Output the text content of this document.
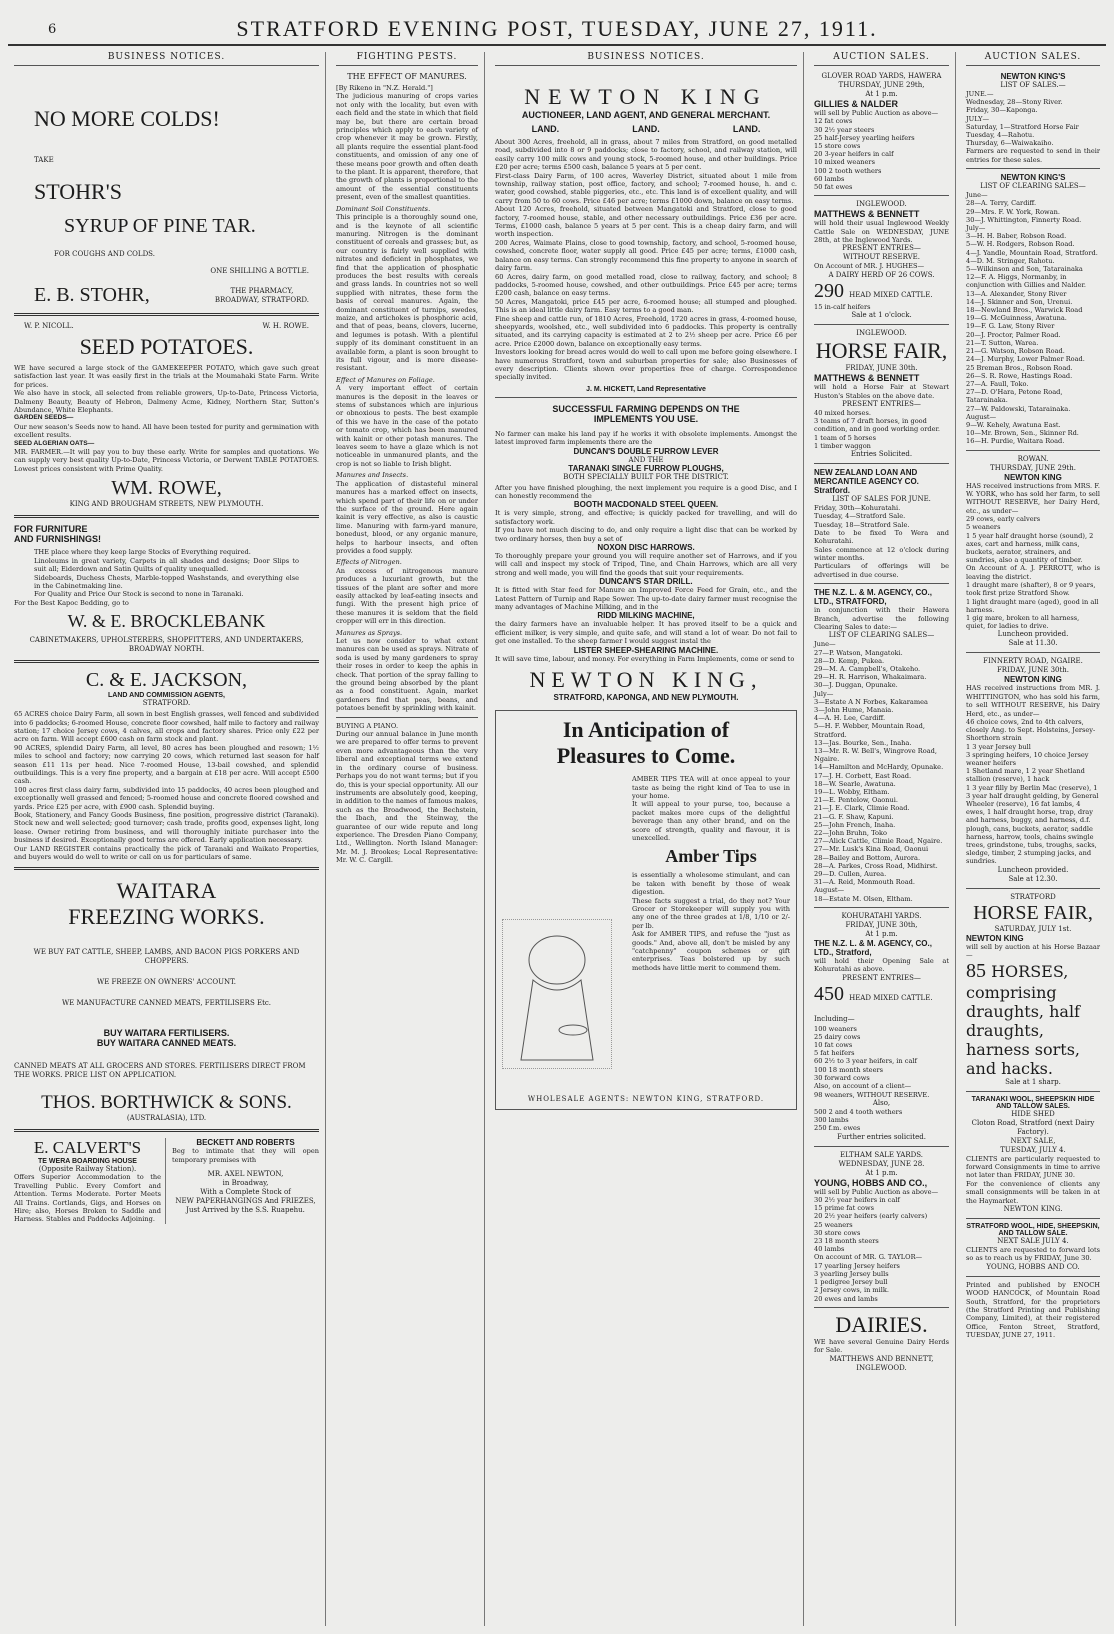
6	STRATFORD EVENING POST, TUESDAY, JUNE 27, 1911.
BUSINESS NOTICES.
NO MORE COLDS!
TAKE
STOHR'S
SYRUP OF PINE TAR.
FOR COUGHS AND COLDS.
ONE SHILLING A BOTTLE.
E. B. STOHR,	THE PHARMACY,
BROADWAY, STRATFORD.
W. P. NICOLL.	W. H. ROWE.
SEED POTATOES.

WE have secured a large stock of the GAMEKEEPER POTATO, which gave such great satisfaction last year. It was easily first in the trials at the Moumahaki State Farm. Write for prices.

We also have in stock, all selected from reliable growers, Up-to-Date, Princess Victoria, Dalmeny Beauty, Beauty of Hebron, Dalmeny Acme, Kidney, Northern Star, Sutton's Abundance, White Elephants.

GARDEN SEEDS—

Our new season's Seeds now to hand. All have been tested for purity and germination with excellent results.

SEED ALGERIAN OATS—

MR. FARMER.—It will pay you to buy these early. Write for samples and quotations. We can supply very best quality Up-to-Date, Princess Victoria, or Derwent TABLE POTATOES. Lowest prices consistent with Prime Quality.

WM. ROWE,
KING AND BROUGHAM STREETS, NEW PLYMOUTH.
FOR FURNITURE
AND FURNISHINGS!

THE place where they keep large Stocks of Everything required.

Linoleums in great variety, Carpets in all shades and designs; Door Slips to suit all; Eiderdown and Satin Quilts of quality unequalled.

Sideboards, Duchess Chests, Marble-topped Washstands, and everything else in the Cabinetmaking line.

For Quality and Price Our Stock is second to none in Taranaki.

For the Best Kapoc Bedding, go to

W. & E. BROCKLEBANK
CABINETMAKERS, UPHOLSTERERS, SHOPFITTERS, AND UNDERTAKERS,
BROADWAY NORTH.
C. & E. JACKSON,
LAND AND COMMISSION AGENTS,
STRATFORD.

65 ACRES choice Dairy Farm, all sown in best English grasses, well fenced and subdivided into 6 paddocks; 6-roomed House, concrete floor cowshed, half mile to factory and railway station; 17 choice Jersey cows, 4 calves, all crops and factory shares. Price only £22 per acre on farm. Will accept £600 cash on farm stock and plant.

90 ACRES, splendid Dairy Farm, all level, 80 acres has been ploughed and resown; 1½ miles to school and factory; now carrying 20 cows, which returned last season for half season £11 11s per head. Nice 7-roomed House, 13-bail cowshed, and splendid outbuildings. This is a very fine property, and a bargain at £18 per acre. Will accept £500 cash.

100 acres first class dairy farm, subdivided into 15 paddocks, 40 acres been ploughed and exceptionally well grassed and fenced; 5-roomed house and concrete floored cowshed and yards. Price £25 per acre, with £900 cash. Splendid buying.

Book, Stationery, and Fancy Goods Business, fine position, progressive district (Taranaki). Stock new and well selected; good turnover; cash trade, profits good, expenses light, long lease. Owner retiring from business, and will thoroughly initiate purchaser into the business if desired. Exceptionally good terms are offered. Early application necessary.

Our LAND REGISTER contains practically the pick of Taranaki and Waikato Properties, and buyers would do well to write or call on us for particulars of same.

WAITARA
FREEZING WORKS.

WE BUY FAT CATTLE, SHEEP, LAMBS, AND BACON PIGS PORKERS AND CHOPPERS.

WE FREEZE ON OWNERS' ACCOUNT.

WE MANUFACTURE CANNED MEATS, FERTILISERS Etc.

BUY WAITARA FERTILISERS.

BUY WAITARA CANNED MEATS.

CANNED MEATS AT ALL GROCERS AND STORES. FERTILISERS DIRECT FROM THE WORKS. PRICE LIST ON APPLICATION.

THOS. BORTHWICK & SONS.
(AUSTRALASIA), LTD.
E. CALVERT'S
TE WERA BOARDING HOUSE
(Opposite Railway Station).

Offers Superior Accommodation to the Travelling Public. Every Comfort and Attention. Terms Moderate. Porter Meets All Trains. Cortlands, Gigs, and Horses on Hire; also, Horses Broken to Saddle and Harness. Stables and Paddocks Adjoining.

BECKETT AND ROBERTS

Beg to intimate that they will open temporary premises with

MR. AXEL NEWTON,

in Broadway,

With a Complete Stock of

NEW PAPERHANGINGS And FRIEZES,

Just Arrived by the S.S. Ruapehu.

FIGHTING PESTS.
THE EFFECT OF MANURES.

[By Rikeno in "N.Z. Herald."]

The judicious manuring of crops varies not only with the locality, but even with each field and the state in which that field may be, but there are certain broad principles which apply to each variety of crop whenever it may be grown. Firstly, all plants require the essential plant-food constituents, and omission of any one of these means poor growth and often death to the plant. It is apparent, therefore, that the growth of plants is proportional to the amount of the essential constituents present, even of the smallest quantities.

Dominant Soil Constituents.

This principle is a thoroughly sound one, and is the keynote of all scientific manuring. Nitrogen is the dominant constituent of cereals and grasses; but, as our country is fairly well supplied with nitrates and deficient in phosphates, we find that the application of phosphatic produces the best results with cereals and grass lands. In countries not so well supplied with nitrates, these form the basis of cereal manures. Again, the dominant constituent of turnips, swedes, maize, and artichokes is phosphoric acid, and that of peas, beans, clovers, lucerne, and legumes is potash. With a plentiful supply of its dominant constituent in an available form, a plant is soon brought to its full vigour, and is more disease-resistant.

Effect of Manures on Foliage.

A very important effect of certain manures is the deposit in the leaves or stems of substances which are injurious or obnoxious to pests. The best example of this we have in the case of the potato or tomato crop, which has been manured with kainit or other potash manures. The leaves seem to have a glaze which is not noticeable in unmanured plants, and the crop is not so liable to Irish blight.

Manures and Insects.

The application of distasteful mineral manures has a marked effect on insects, which spend part of their life on or under the surface of the ground. Here again kainit is very effective, as also is caustic lime. Manuring with farm-yard manure, bonedust, blood, or any organic manure, helps to harbour insects, and often provides a food supply.

Effects of Nitrogen.

An excess of nitrogenous manure produces a luxuriant growth, but the tissues of the plant are softer and more easily attacked by leaf-eating insects and fungi. With the present high price of these manures it is seldom that the field cropper will err in this direction.

Manures as Sprays.

Let us now consider to what extent manures can be used as sprays. Nitrate of soda is used by many gardeners to spray their roses in order to keep the aphis in check. That portion of the spray falling to the ground being absorbed by the plant as a food constituent. Again, market gardeners find that peas, beans, and potatoes benefit by sprinkling with kainit.

BUYING A PIANO.

During our annual balance in June month we are prepared to offer terms to prevent even more advantageous than the very liberal and exceptional terms we extend in the ordinary course of business. Perhaps you do not want terms; but if you do, this is your special opportunity. All our instruments are absolutely good, keeping, in addition to the names of famous makes, such as the Broadwood, the Bechstein, the Ibach, and the Steinway, the guarantee of our wide repute and long experience. The Dresden Piano Company, Ltd., Wellington. North Island Manager: Mr. M. J. Brookes; Local Representative: Mr. W. C. Cargill.

BUSINESS NOTICES.
NEWTON KING
AUCTIONEER, LAND AGENT, AND GENERAL MERCHANT.
LAND.	LAND.	LAND.

About 300 Acres, freehold, all in grass, about 7 miles from Stratford, on good metalled road, subdivided into 8 or 9 paddocks; close to factory, school, and railway station, will easily carry 100 milk cows and young stock, 5-roomed house, and other buildings. Price £20 per acre; terms £500 cash, balance 5 years at 5 per cent.

First-class Dairy Farm, of 100 acres, Waverley District, situated about 1 mile from township, railway station, post office, factory, and school; 7-roomed house, h. and c. water, good cowshed, stable piggeries, etc., etc. This land is of excellent quality, and will carry from 50 to 60 cows. Price £46 per acre; terms £1000 down, balance on easy terms.

About 120 Acres, freehold, situated between Mangatoki and Stratford, close to good factory, 7-roomed house, stable, and other necessary outbuildings. Price £36 per acre. Terms, £1000 cash, balance 5 years at 5 per cent. This is a cheap dairy farm, and will worth inspection.

200 Acres, Waimate Plains, close to good township, factory, and school, 5-roomed house, cowshed, concrete floor, water supply all good. Price £45 per acre; terms, £1000 cash, balance on easy terms. Can strongly recommend this fine property to anyone in search of dairy farm.

60 Acres, dairy farm, on good metalled road, close to railway, factory, and school; 8 paddocks, 5-roomed house, cowshed, and other outbuildings. Price £45 per acre; terms £200 cash, balance on easy terms.

50 Acres, Mangatoki, price £45 per acre, 6-roomed house; all stumped and ploughed. This is an ideal little dairy farm. Easy terms to a good man.

Fine sheep and cattle run, of 1810 Acres, Freehold, 1720 acres in grass, 4-roomed house, sheepyards, woolshed, etc., well subdivided into 6 paddocks. This property is centrally situated, and its carrying capacity is estimated at 2 to 2½ sheep per acre. Price £6 per acre. Price £2000 down, balance on exceptionally easy terms.

Investors looking for bread acres would do well to call upon me before going elsewhere. I have numerous Stratford, town and suburban properties for sale; also Businesses of every description. Clients shown over properties free of charge. Correspondence specially invited.

J. M. HICKETT, Land Representative
SUCCESSFUL FARMING DEPENDS ON THE IMPLEMENTS YOU USE.

No farmer can make his land pay if he works it with obsolete implements. Amongst the latest improved farm implements there are the

DUNCAN'S DOUBLE FURROW LEVER
AND THE
TARANAKI SINGLE FURROW PLOUGHS,
BOTH SPECIALLY BUILT FOR THE DISTRICT.

After you have finished ploughing, the next implement you require is a good Disc, and I can honestly recommend the

BOOTH MACDONALD STEEL QUEEN.

It is very simple, strong, and effective; is quickly packed for travelling, and will do satisfactory work.

If you have not much discing to do, and only require a light disc that can be worked by two ordinary horses, then buy a set of

NOXON DISC HARROWS.

To thoroughly prepare your ground you will require another set of Harrows, and if you will call and inspect my stock of Tripod, Tine, and Chain Harrows, which are all very strong and well made, you will find the goods that suit your requirements.

DUNCAN'S STAR DRILL.

It is fitted with Star feed for Manure an Improved Force Feed for Grain, etc., and the Latest Pattern of Turnip and Rape Sower. The up-to-date dairy farmer must recognise the many advantages of Machine Milking, and in the

RIDD MILKING MACHINE,

the dairy farmers have an invaluable helper. It has proved itself to be a quick and efficient milker, is very simple, and quite safe, and will stand a lot of wear. Do not fail to get one installed. To the sheep farmer I would suggest instal the

LISTER SHEEP-SHEARING MACHINE.

It will save time, labour, and money. For everything in Farm Implements, come or send to

NEWTON KING,
STRATFORD, KAPONGA, AND NEW PLYMOUTH.
In Anticipation of
Pleasures to Come.

AMBER TIPS TEA will at once appeal to your taste as being the right kind of Tea to use in your home.

It will appeal to your purse, too, because a packet makes more cups of the delightful beverage than any other brand, and on the score of strength, quality and flavour, it is unexcelled.

Amber Tips

is essentially a wholesome stimulant, and can be taken with benefit by those of weak digestion.

These facts suggest a trial, do they not? Your Grocer or Storekeeper will supply you with any one of the three grades at 1/8, 1/10 or 2/- per lb.

Ask for AMBER TIPS, and refuse the "just as goods." And, above all, don't be misled by any "catchpenny" coupon schemes or gift enterprises. Teas bolstered up by such methods have little merit to commend them.

WHOLESALE AGENTS: NEWTON KING, STRATFORD.
AUCTION SALES.
GLOVER ROAD YARDS, HAWERA
THURSDAY, JUNE 29th,
At 1 p.m.
GILLIES & NALDER

will sell by Public Auction as above—

12 fat cows
30 2½ year steers
25 half-Jersey yearling heifers
15 store cows
20 3-year heifers in calf
10 mixed weaners
100 2 tooth wethers
60 lambs
50 fat ewes
INGLEWOOD.
MATTHEWS & BENNETT

will hold their usual Inglewood Weekly Cattle Sale on WEDNESDAY, JUNE 28th, at the Inglewood Yards.

PRESENT ENTRIES—
WITHOUT RESERVE.

On Account of MR. J. HUGHES—

A DAIRY HERD OF 26 COWS.
290 HEAD MIXED CATTLE.

15 in-calf heifers

Sale at 1 o'clock.
INGLEWOOD.
HORSE FAIR,
FRIDAY, JUNE 30th.
MATTHEWS & BENNETT

will hold a Horse Fair at Stewart Huston's Stables on the above date.

PRESENT ENTRIES—
40 mixed horses.
3 teams of 7 draft horses, in good condition, and in good working order.
1 team of 5 horses
1 timber waggon
Entries Solicited.
NEW ZEALAND LOAN AND MERCANTILE AGENCY CO. Stratford.
LIST OF SALES FOR JUNE.
Friday, 30th—Kohuratahi.
Tuesday, 4—Stratford Sale.
Tuesday, 18—Stratford Sale.

Date to be fixed To Wera and Kohuratahi.

Sales commence at 12 o'clock during winter months.

Particulars of offerings will be advertised in due course.

THE N.Z. L. & M. AGENCY, CO., LTD., STRATFORD,

in conjunction with their Hawera Branch, advertise the following Clearing Sales to date:—

LIST OF CLEARING SALES—
June—
27—P. Watson, Mangatoki.
28—D. Kemp, Pukea.
29—M. A. Campbell's, Otakeho.
29—H. R. Harrison, Whakaimara.
30—J. Duggan, Opunake.
July—
3—Estate A N Forbes, Kakaramea
3—John Hume, Manaia.
4—A. H. Lee, Cardiff.
5—H. F. Webber, Mountain Road, Stratford.
13—Jas. Bourke, Sen., Inaha.
13—Mr. R. W. Bell's, Wingrove Road, Ngaire.
14—Hamilton and McHardy, Opunake.
17—J. H. Corbett, East Road.
18—W. Searle, Awatuna.
19—L. Wobby, Eltham.
21—E. Pentelow, Oaonui.
21—J. E. Clark, Climie Road.
21—G. F. Shaw, Kapuni.
25—John French, Inaha.
22—John Bruhn, Toko
27—Alick Cattle, Climie Road, Ngaire.
27—Mr. Lusk's Kina Road, Oaonui
28—Bailey and Bottom, Aurora.
28—A. Parkes, Cross Road, Midhirst.
29—D. Cullen, Aurea.
31—A. Reid, Monmouth Road.
August—
18—Estate M. Olsen, Eltham.
KOHURATAHI YARDS.
FRIDAY, JUNE 30th,
At 1 p.m.
THE N.Z. L. & M. AGENCY, CO., LTD., Stratford,

will hold their Opening Sale at Kohuratahi as above.

PRESENT ENTRIES—
450 HEAD MIXED CATTLE. Including—
100 weaners
25 dairy cows
10 fat cows
5 fat heifers
60 2½ to 3 year heifers, in calf
100 18 month steers
30 forward cows

Also, on account of a client—

98 weaners, WITHOUT RESERVE.

Also,
500 2 and 4 tooth wethers
300 lambs
250 f.m. ewes
Further entries solicited.
ELTHAM SALE YARDS.
WEDNESDAY, JUNE 28.
At 1 p.m.
YOUNG, HOBBS AND CO.,

will sell by Public Auction as above—

30 2½ year heifers in calf
15 prime fat cows
20 2½ year heifers (early calvers)
25 weaners
30 store cows
23 18 month steers
40 lambs

On account of MR. G. TAYLOR—

17 yearling Jersey heifers
3 yearling Jersey bulls
1 pedigree Jersey bull
2 Jersey cows, in milk.
20 ewes and lambs
DAIRIES.

WE have several Genuine Dairy Herds for Sale.

MATTHEWS AND BENNETT,
INGLEWOOD.
AUCTION SALES.
NEWTON KING'S
LIST OF SALES.—
JUNE.—
Wednesday, 28—Stony River.
Friday, 30—Kaponga.
JULY—
Saturday, 1—Stratford Horse Fair
Tuesday, 4—Rahotu.
Thursday, 6—Waiwakaiho.

Farmers are requested to send in their entries for these sales.

NEWTON KING'S
LIST OF CLEARING SALES—
June—
28—A. Terry, Cardiff.
29—Mrs. F. W. York, Rowan.
30—J. Whittington, Finnerty Road.
July—
3—H. H. Baber, Robson Road.
5—W. H. Rodgers, Robson Road.
4—J. Yandle, Mountain Road, Stratford.
4—D. M. Stringer, Rahotu.
5—Wilkinson and Son, Tatarainaka
12—F. A. Higgs, Normanby, in conjunction with Gillies and Nalder.
13—A. Alexander, Stony River
14—J. Skinner and Son, Urenui.
18—Newland Bros., Warwick Road
19—G. McGuinness, Awatuna.
19—F. G. Law, Stony River
20—J. Proctor, Palmer Road.
21—T. Sutton, Warea.
21—G. Watson, Robson Road.
24—J. Murphy, Lower Palmer Road.
25 Breman Bros., Robson Road.
26—S. R. Rowe, Hastings Road.
27—A. Faull, Toko.
27—D. O'Hara, Petone Road, Tatarainaka.
27—W. Paldowski, Tatarainaka.
August—
9—W. Kehely, Awatuna East.
10—Mr. Brown, Sen., Skinner Rd.
16—H. Purdie, Waitara Road.
ROWAN.
THURSDAY, JUNE 29th.
NEWTON KING

HAS received instructions from MRS. F. W. YORK, who has sold her farm, to sell WITHOUT RESERVE, her Dairy Herd, etc., as under—

29 cows, early calvers
5 weaners
1 5 year half draught horse (sound), 2 axes, cart and harness, milk cans, buckets, aerator, strainers, and sundries, also a quantity of timber.

On Account of A. J. PERROTT, who is leaving the district.

1 draught mare (shafter), 8 or 9 years, took first prize Stratford Show.
1 light draught mare (aged), good in all harness.
1 gig mare, broken to all harness, quiet, for ladies to drive.
Luncheon provided.
Sale at 11.30.
FINNERTY ROAD, NGAIRE.
FRIDAY, JUNE 30th.
NEWTON KING

HAS received instructions from MR. J. WHITTINGTON, who has sold his farm, to sell WITHOUT RESERVE, his Dairy Herd, etc., as under—

46 choice cows, 2nd to 4th calvers, closely Ang. to Sept. Holsteins, Jersey-Shorthorn strain
1 3 year Jersey bull
3 springing heifers, 10 choice Jersey weaner heifers
1 Shetland mare, 1 2 year Shetland stallion (reserve), 1 hack
1 3 year filly by Berlin Mac (reserve), 1 3 year half draught gelding, by General Wheeler (reserve), 16 fat lambs, 4 ewes, 1 half draught horse, trap, dray and harness, buggy, and harness, d.f. plough, cans, buckets, aerator, saddle harness, harrow, tools, chains swingle trees, grindstone, tubs, troughs, sacks, sledge, timber, 2 stumping jacks, and sundries.
Luncheon provided.
Sale at 12.30.
STRATFORD
HORSE FAIR,
SATURDAY, JULY 1st.
NEWTON KING

will sell by auction at his Horse Bazaar—

85 HORSES, comprising draughts, half draughts, harness sorts, and hacks.
Sale at 1 sharp.
TARANAKI WOOL, SHEEPSKIN HIDE AND TALLOW SALES.
HIDE SHED
Cloton Road, Stratford (next Dairy Factory).
NEXT SALE,
TUESDAY, JULY 4.

CLIENTS are particularly requested to forward Consignments in time to arrive not later than FRIDAY, JUNE 30.

For the convenience of clients any small consignments will be taken in at the Haymarket.

NEWTON KING.
STRATFORD WOOL, HIDE, SHEEPSKIN, AND TALLOW SALE.
NEXT SALE JULY 4.

CLIENTS are requested to forward lots so as to reach us by FRIDAY, June 30.

YOUNG, HOBBS AND CO.

Printed and published by ENOCH WOOD HANCOCK, of Mountain Road South, Stratford, for the proprietors (the Stratford Printing and Publishing Company, Limited), at their registered Office, Fenton Street, Stratford, TUESDAY, JUNE 27, 1911.
